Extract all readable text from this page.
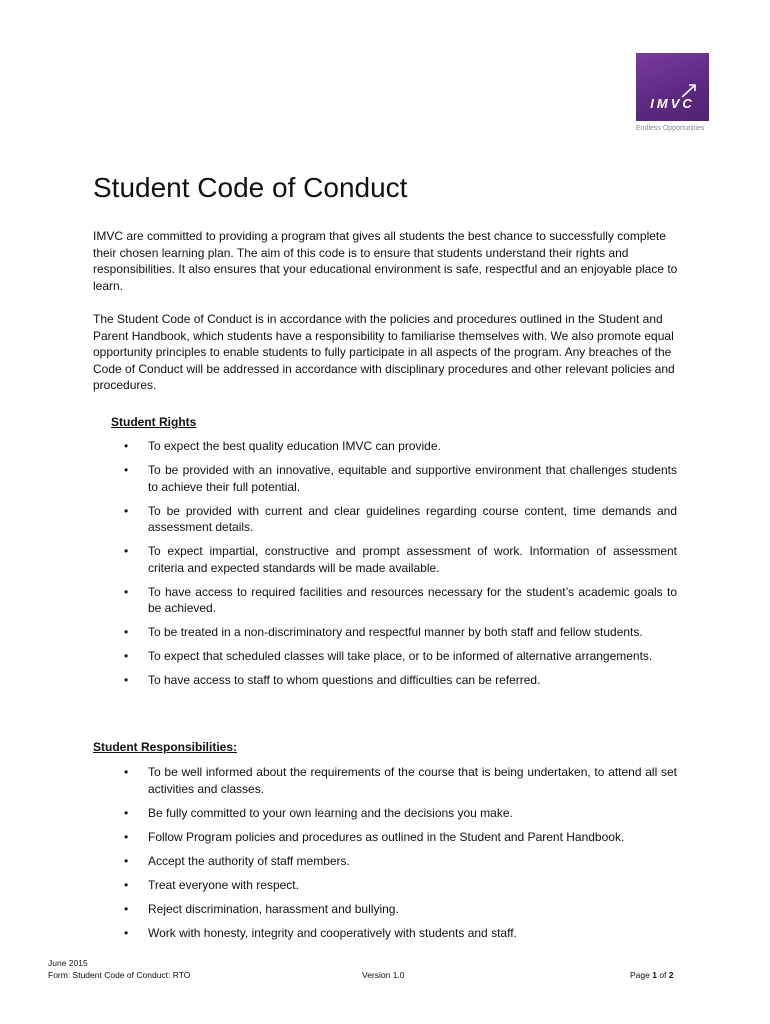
IMVC
Endless Opportunities
Student Code of Conduct

IMVC are committed to providing a program that gives all students the best chance to successfully complete their chosen learning plan. The aim of this code is to ensure that students understand their rights and responsibilities. It also ensures that your educational environment is safe, respectful and an enjoyable place to learn.

The Student Code of Conduct is in accordance with the policies and procedures outlined in the Student and Parent Handbook, which students have a responsibility to familiarise themselves with. We also promote equal opportunity principles to enable students to fully participate in all aspects of the program. Any breaches of the Code of Conduct will be addressed in accordance with disciplinary procedures and other relevant policies and procedures.

Student Rights
• To expect the best quality education IMVC can provide.
• To be provided with an innovative, equitable and supportive environment that challenges students to achieve their full potential.
• To be provided with current and clear guidelines regarding course content, time demands and assessment details.
• To expect impartial, constructive and prompt assessment of work. Information of assessment criteria and expected standards will be made available.
• To have access to required facilities and resources necessary for the student’s academic goals to be achieved.
• To be treated in a non-discriminatory and respectful manner by both staff and fellow students.
• To expect that scheduled classes will take place, or to be informed of alternative arrangements.
• To have access to staff to whom questions and difficulties can be referred.
Student Responsibilities:
• To be well informed about the requirements of the course that is being undertaken, to attend all set activities and classes.
• Be fully committed to your own learning and the decisions you make.
• Follow Program policies and procedures as outlined in the Student and Parent Handbook.
• Accept the authority of staff members.
• Treat everyone with respect.
• Reject discrimination, harassment and bullying.
• Work with honesty, integrity and cooperatively with students and staff.
June 2015
Form: Student Code of Conduct: RTO	Version 1.0	Page 1 of 2
